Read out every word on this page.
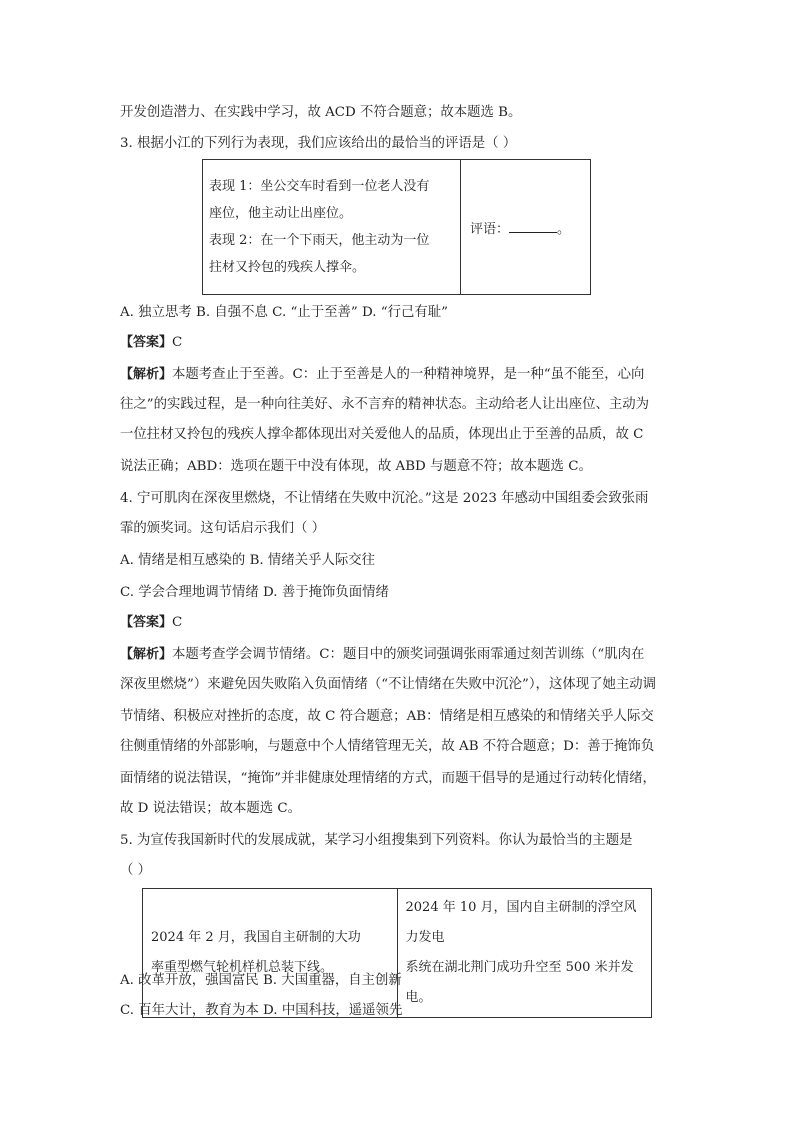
开发创造潜力、在实践中学习，故 ACD 不符合题意；故本题选 B。
3. 根据小江的下列行为表现，我们应该给出的最恰当的评语是（ ）
表现 1：坐公交车时看到一位老人没有
座位，他主动让出座位。
表现 2：在一个下雨天，他主动为一位
拄材又拎包的残疾人撑伞。
	评语：	。
A. 独立思考 B. 自强不息 C. “止于至善” D. “行己有耻”
【答案】C
【解析】本题考查止于至善。C：止于至善是人的一种精神境界，是一种“虽不能至，心向
往之”的实践过程，是一种向往美好、永不言弃的精神状态。主动给老人让出座位、主动为
一位拄材又拎包的残疾人撑伞都体现出对关爱他人的品质，体现出止于至善的品质，故 C
说法正确；ABD：选项在题干中没有体现，故 ABD 与题意不符；故本题选 C。
4. 宁可肌肉在深夜里燃烧，不让情绪在失败中沉沦。”这是 2023 年感动中国组委会致张雨
霏的颁奖词。这句话启示我们（ ）
A. 情绪是相互感染的 B. 情绪关乎人际交往
C. 学会合理地调节情绪 D. 善于掩饰负面情绪
【答案】C
【解析】本题考查学会调节情绪。C：题目中的颁奖词强调张雨霏通过刻苦训练（“肌肉在
深夜里燃烧”）来避免因失败陷入负面情绪（“不让情绪在失败中沉沦”），这体现了她主动调
节情绪、积极应对挫折的态度，故 C 符合题意；AB：情绪是相互感染的和情绪关乎人际交
往侧重情绪的外部影响，与题意中个人情绪管理无关，故 AB 不符合题意；D：善于掩饰负
面情绪的说法错误，“掩饰”并非健康处理情绪的方式，而题干倡导的是通过行动转化情绪，
故 D 说法错误；故本题选 C。
5. 为宣传我国新时代的发展成就，某学习小组搜集到下列资料。你认为最恰当的主题是
（ ）
2024 年 2 月，我国自主研制的大功
率重型燃气轮机样机总装下线。

2024 年 10 月，国内自主研制的浮空风力发电
系统在湖北荆门成功升空至 500 米并发电。
A. 改革开放，强国富民 B. 大国重器，自主创新
C. 百年大计，教育为本 D. 中国科技，遥遥领先
